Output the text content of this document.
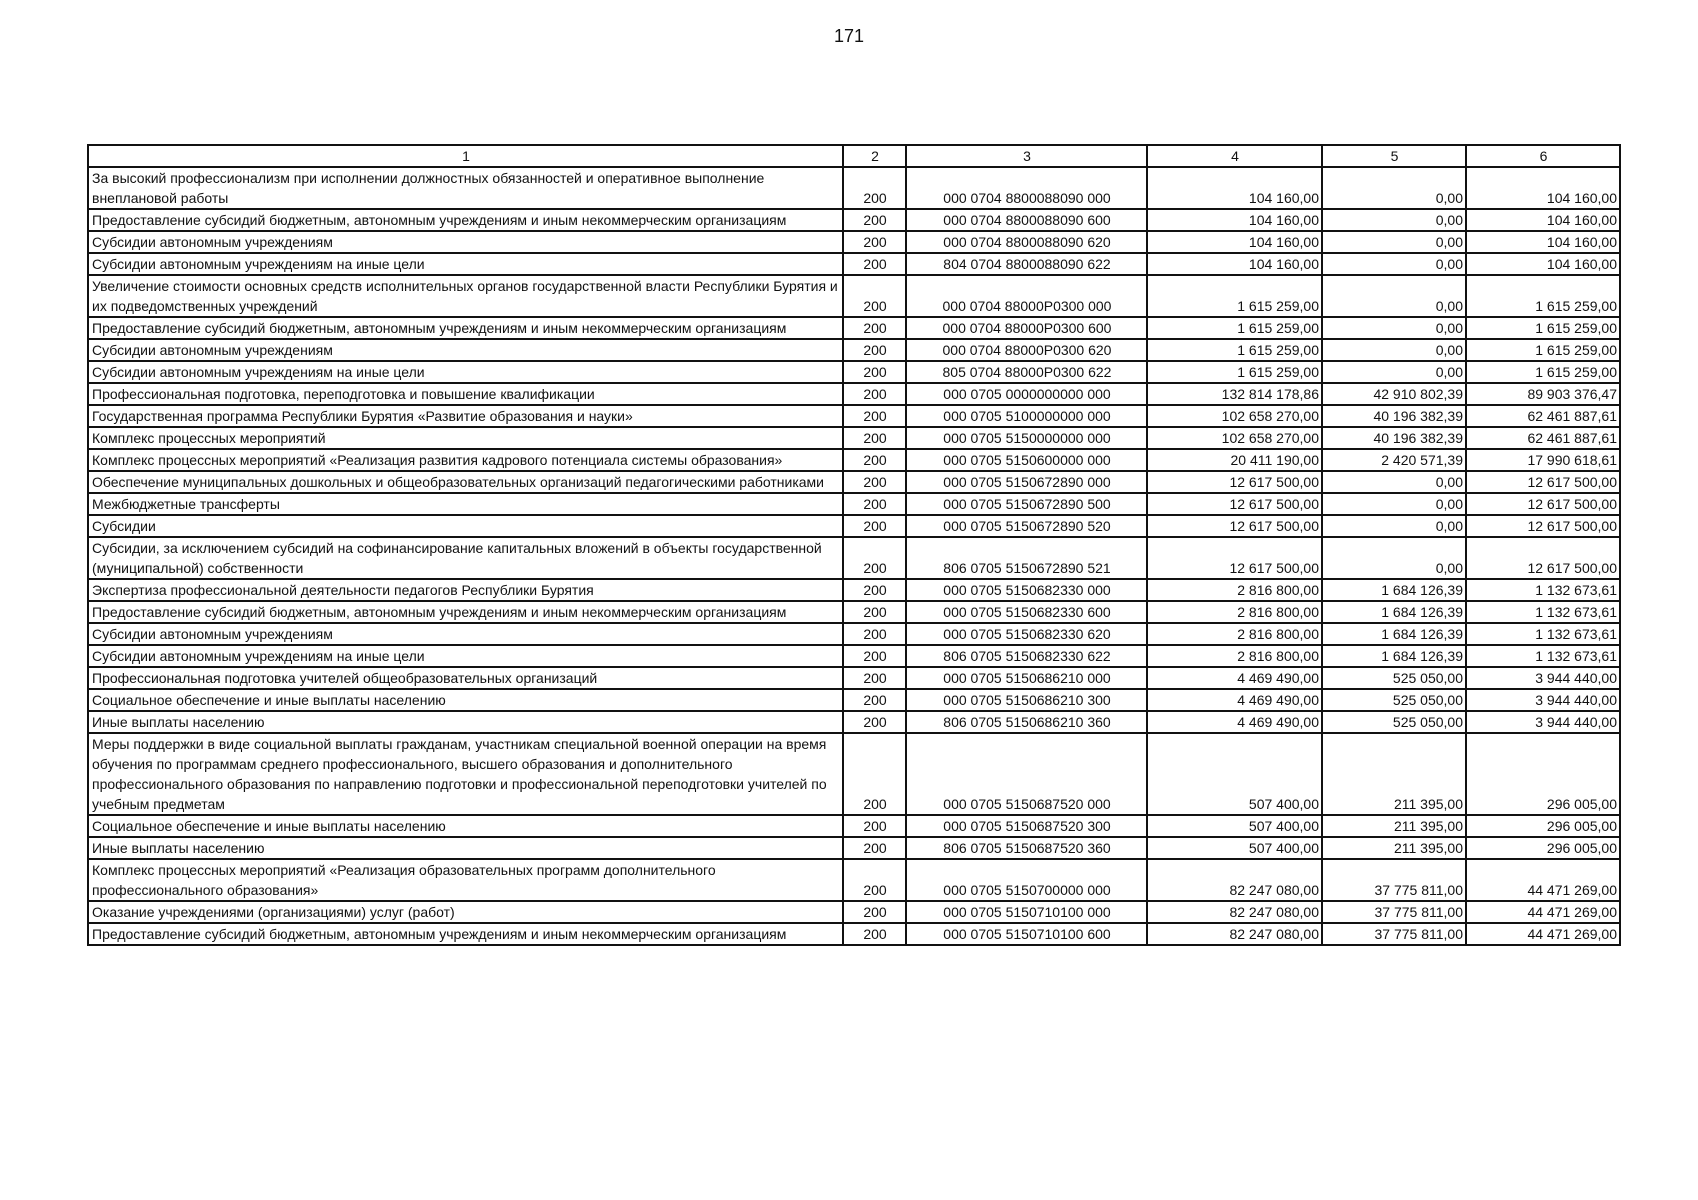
171
1	2	3	4	5	6
За высокий профессионализм при исполнении должностных обязанностей и оперативное выполнение внеплановой работы	200	000 0704 8800088090 000	104 160,00	0,00	104 160,00
Предоставление субсидий бюджетным, автономным учреждениям и иным некоммерческим организациям	200	000 0704 8800088090 600	104 160,00	0,00	104 160,00
Субсидии автономным учреждениям	200	000 0704 8800088090 620	104 160,00	0,00	104 160,00
Субсидии автономным учреждениям на иные цели	200	804 0704 8800088090 622	104 160,00	0,00	104 160,00
Увеличение стоимости основных средств исполнительных органов государственной власти Республики Бурятия и их подведомственных учреждений	200	000 0704 88000P0300 000	1 615 259,00	0,00	1 615 259,00
Предоставление субсидий бюджетным, автономным учреждениям и иным некоммерческим организациям	200	000 0704 88000P0300 600	1 615 259,00	0,00	1 615 259,00
Субсидии автономным учреждениям	200	000 0704 88000P0300 620	1 615 259,00	0,00	1 615 259,00
Субсидии автономным учреждениям на иные цели	200	805 0704 88000P0300 622	1 615 259,00	0,00	1 615 259,00
Профессиональная подготовка, переподготовка и повышение квалификации	200	000 0705 0000000000 000	132 814 178,86	42 910 802,39	89 903 376,47
Государственная программа Республики Бурятия «Развитие образования и науки»	200	000 0705 5100000000 000	102 658 270,00	40 196 382,39	62 461 887,61
Комплекс процессных мероприятий	200	000 0705 5150000000 000	102 658 270,00	40 196 382,39	62 461 887,61
Комплекс процессных мероприятий «Реализация развития кадрового потенциала системы образования»	200	000 0705 5150600000 000	20 411 190,00	2 420 571,39	17 990 618,61
Обеспечение муниципальных дошкольных и общеобразовательных организаций педагогическими работниками	200	000 0705 5150672890 000	12 617 500,00	0,00	12 617 500,00
Межбюджетные трансферты	200	000 0705 5150672890 500	12 617 500,00	0,00	12 617 500,00
Субсидии	200	000 0705 5150672890 520	12 617 500,00	0,00	12 617 500,00
Субсидии, за исключением субсидий на софинансирование капитальных вложений в объекты государственной (муниципальной) собственности	200	806 0705 5150672890 521	12 617 500,00	0,00	12 617 500,00
Экспертиза профессиональной деятельности педагогов Республики Бурятия	200	000 0705 5150682330 000	2 816 800,00	1 684 126,39	1 132 673,61
Предоставление субсидий бюджетным, автономным учреждениям и иным некоммерческим организациям	200	000 0705 5150682330 600	2 816 800,00	1 684 126,39	1 132 673,61
Субсидии автономным учреждениям	200	000 0705 5150682330 620	2 816 800,00	1 684 126,39	1 132 673,61
Субсидии автономным учреждениям на иные цели	200	806 0705 5150682330 622	2 816 800,00	1 684 126,39	1 132 673,61
Профессиональная подготовка учителей общеобразовательных организаций	200	000 0705 5150686210 000	4 469 490,00	525 050,00	3 944 440,00
Социальное обеспечение и иные выплаты населению	200	000 0705 5150686210 300	4 469 490,00	525 050,00	3 944 440,00
Иные выплаты населению	200	806 0705 5150686210 360	4 469 490,00	525 050,00	3 944 440,00
Меры поддержки в виде социальной выплаты гражданам, участникам специальной военной операции на время обучения по программам среднего профессионального, высшего образования и дополнительного профессионального образования по направлению подготовки и профессиональной переподготовки учителей по учебным предметам	200	000 0705 5150687520 000	507 400,00	211 395,00	296 005,00
Социальное обеспечение и иные выплаты населению	200	000 0705 5150687520 300	507 400,00	211 395,00	296 005,00
Иные выплаты населению	200	806 0705 5150687520 360	507 400,00	211 395,00	296 005,00
Комплекс процессных мероприятий «Реализация образовательных программ дополнительного профессионального образования»	200	000 0705 5150700000 000	82 247 080,00	37 775 811,00	44 471 269,00
Оказание учреждениями (организациями) услуг (работ)	200	000 0705 5150710100 000	82 247 080,00	37 775 811,00	44 471 269,00
Предоставление субсидий бюджетным, автономным учреждениям и иным некоммерческим организациям	200	000 0705 5150710100 600	82 247 080,00	37 775 811,00	44 471 269,00
